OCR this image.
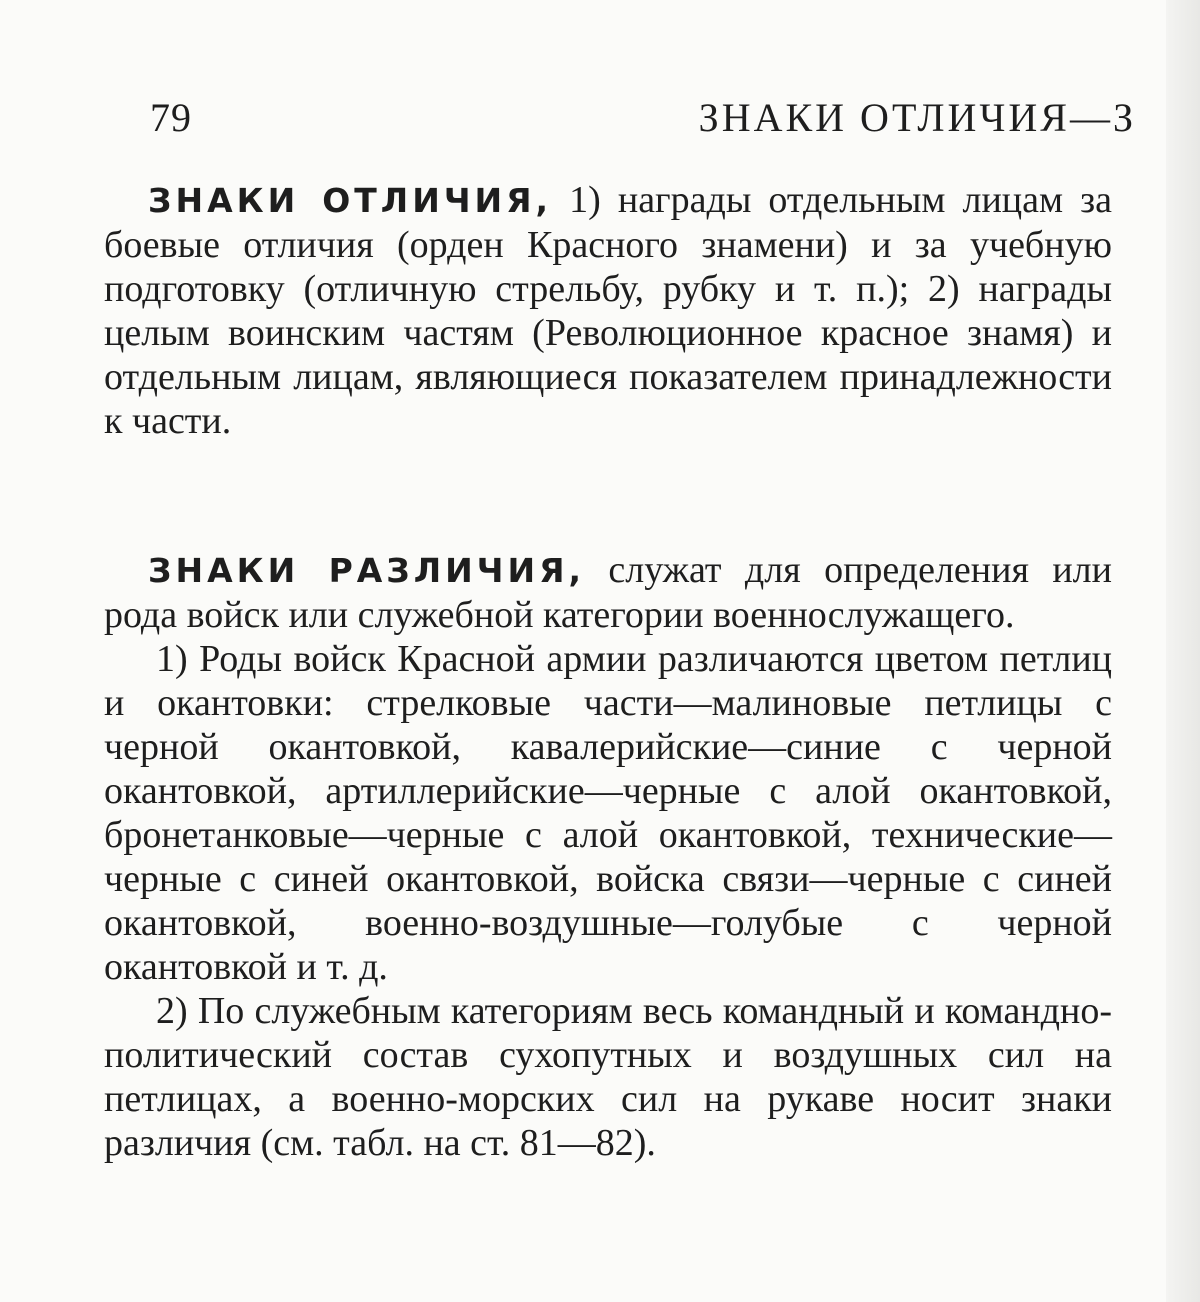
79	ЗНАКИ ОТЛИЧИЯ—З

ЗНАКИ ОТЛИЧИЯ, 1) награды отдельным лицам за боевые отличия (орден Красного знамени) и за учебную подготовку (отличную стрельбу, рубку и т. п.); 2) награды целым воинским частям (Революционное красное знамя) и отдельным лицам, являющиеся показателем принадлежности к части.

ЗНАКИ РАЗЛИЧИЯ, служат для определения или рода войск или служебной категории военнослужащего.

1) Роды войск Красной армии различаются цветом петлиц и окантовки: стрелковые части—малиновые петлицы с черной окантовкой, кавалерийские—синие с черной окантовкой, артиллерийские—черные с алой окантовкой, бронетанковые—черные с алой окантовкой, технические—черные с синей окантовкой, войска связи—черные с синей окантовкой, военно-воздушные—голубые с черной окантовкой и т. д.

2) По служебным категориям весь командный и командно-политический состав сухопутных и воздушных сил на петлицах, а военно-морских сил на рукаве носит знаки различия (см. табл. на ст. 81—82).
